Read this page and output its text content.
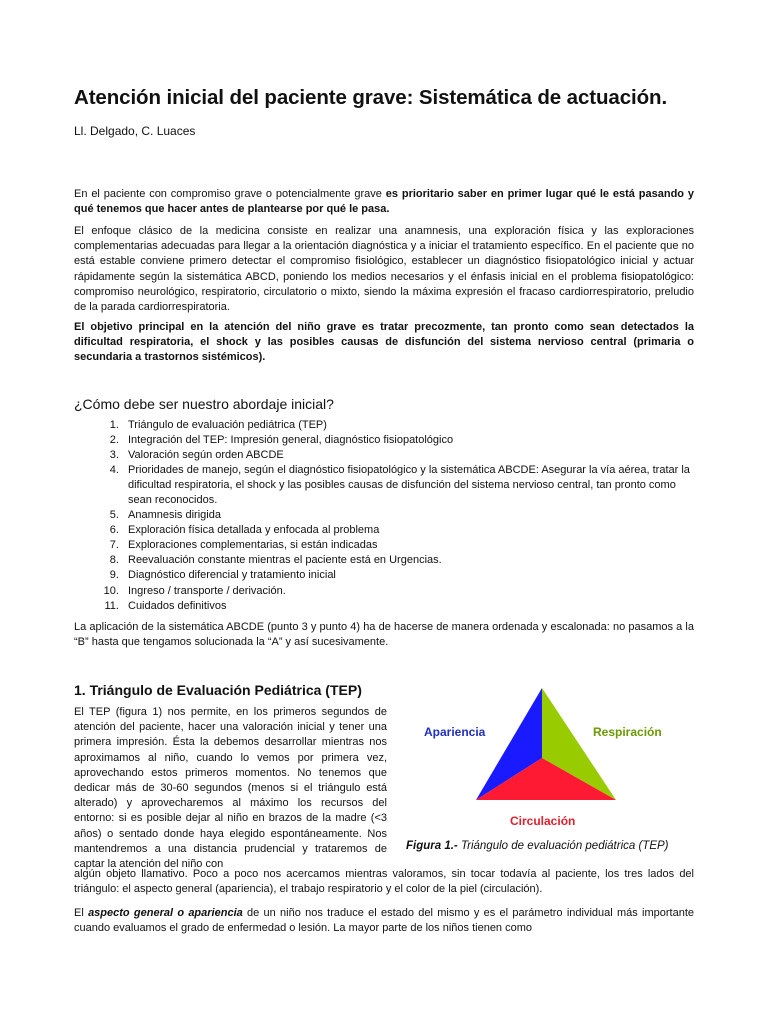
Atención inicial del paciente grave: Sistemática de actuación.
Ll. Delgado, C. Luaces

En el paciente con compromiso grave o potencialmente grave es prioritario saber en primer lugar qué le está pasando y qué tenemos que hacer antes de plantearse por qué le pasa.

El enfoque clásico de la medicina consiste en realizar una anamnesis, una exploración física y las exploraciones complementarias adecuadas para llegar a la orientación diagnóstica y a iniciar el tratamiento específico. En el paciente que no está estable conviene primero detectar el compromiso fisiológico, establecer un diagnóstico fisiopatológico inicial y actuar rápidamente según la sistemática ABCD, poniendo los medios necesarios y el énfasis inicial en el problema fisiopatológico: compromiso neurológico, respiratorio, circulatorio o mixto, siendo la máxima expresión el fracaso cardiorrespiratorio, preludio de la parada cardiorrespiratoria.

El objetivo principal en la atención del niño grave es tratar precozmente, tan pronto como sean detectados la dificultad respiratoria, el shock y las posibles causas de disfunción del sistema nervioso central (primaria o secundaria a trastornos sistémicos).

¿Cómo debe ser nuestro abordaje inicial?
1. Triángulo de evaluación pediátrica (TEP)
2. Integración del TEP: Impresión general, diagnóstico fisiopatológico
3. Valoración según orden ABCDE
4. Prioridades de manejo, según el diagnóstico fisiopatológico y la sistemática ABCDE: Asegurar la vía aérea, tratar la dificultad respiratoria, el shock y las posibles causas de disfunción del sistema nervioso central, tan pronto como sean reconocidos.
5. Anamnesis dirigida
6. Exploración física detallada y enfocada al problema
7. Exploraciones complementarias, si están indicadas
8. Reevaluación constante mientras el paciente está en Urgencias.
9. Diagnóstico diferencial y tratamiento inicial
10. Ingreso / transporte / derivación.
11. Cuidados definitivos

La aplicación de la sistemática ABCDE (punto 3 y punto 4) ha de hacerse de manera ordenada y escalonada: no pasamos a la “B” hasta que tengamos solucionada la “A” y así sucesivamente.

1. Triángulo de Evaluación Pediátrica (TEP)

El TEP (figura 1) nos permite, en los primeros segundos de atención del paciente, hacer una valoración inicial y tener una primera impresión. Ésta la debemos desarrollar mientras nos aproximamos al niño, cuando lo vemos por primera vez, aprovechando estos primeros momentos. No tenemos que dedicar más de 30-60 segundos (menos si el triángulo está alterado) y aprovecharemos al máximo los recursos del entorno: si es posible dejar al niño en brazos de la madre (<3 años) o sentado donde haya elegido espontáneamente. Nos mantendremos a una distancia prudencial y trataremos de captar la atención del niño con

Apariencia	Respiración
Circulación
Figura 1.- Triángulo de evaluación pediátrica (TEP)

algún objeto llamativo. Poco a poco nos acercamos mientras valoramos, sin tocar todavía al paciente, los tres lados del triángulo: el aspecto general (apariencia), el trabajo respiratorio y el color de la piel (circulación).

El aspecto general o apariencia de un niño nos traduce el estado del mismo y es el parámetro individual más importante cuando evaluamos el grado de enfermedad o lesión. La mayor parte de los niños tienen como
